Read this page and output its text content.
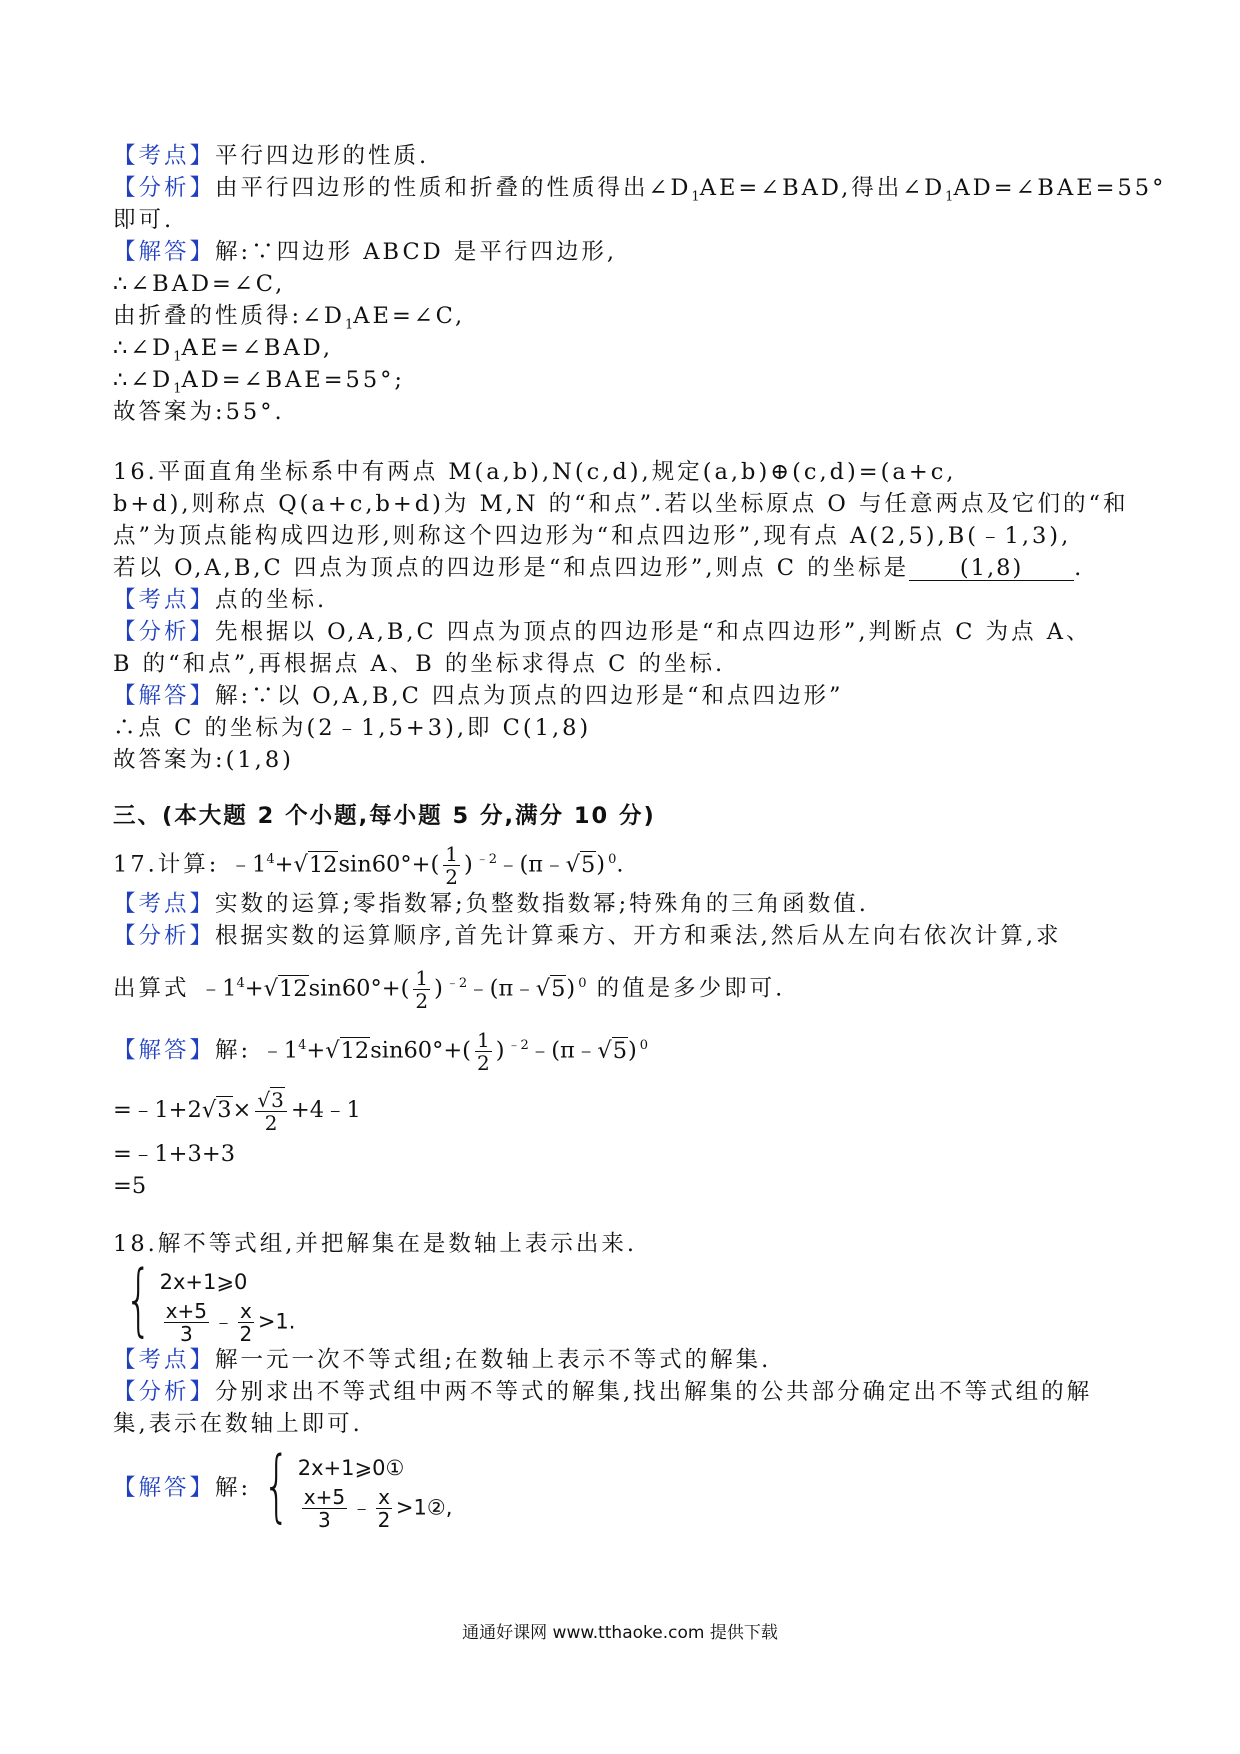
【考点】平行四边形的性质.
【分析】由平行四边形的性质和折叠的性质得出$\angle D_1AE=\angle BAD$,得出$\angle D_1AD=\angle BAE=55^\circ$
即可.
【解答】解:∵四边形 ABCD 是平行四边形,
∴∠BAD=∠C,
由折叠的性质得$:\angle D_1AE=\angle C$,
$\therefore\angle D_1AE=\angle BAD$,
$\therefore\angle D_1AD=\angle BAE=55^\circ$;
故答案为:55°.
16.平面直角坐标系中有两点 M(a,b),N(c,d),规定(a,b)⊕(c,d)=(a+c,
b+d),则称点 Q(a+c,b+d)为 M,N 的“和点”.若以坐标原点 O 与任意两点及它们的“和
点”为顶点能构成四边形,则称这个四边形为“和点四边形”,现有点 A(2,5),B(﹣1,3),
若以 O,A,B,C 四点为顶点的四边形是“和点四边形”,则点 C 的坐标是 (1,8) .
【考点】点的坐标.
【分析】先根据以 O,A,B,C 四点为顶点的四边形是“和点四边形”,判断点 C 为点 A、
B 的“和点”,再根据点 A、B 的坐标求得点 C 的坐标.
【解答】解:∵以 O,A,B,C 四点为顶点的四边形是“和点四边形”
∴点 C 的坐标为(2﹣1,5+3),即 C(1,8)
故答案为:(1,8)
三、(本大题 2 个小题,每小题 5 分,满分 10 分)
17.计算: $﹣1^4+√12\sin 60^\circ+( \frac{1}{2}$ )$^{﹣2}$﹣(π﹣√5)$^0$.
【考点】实数的运算;零指数幂;负整数指数幂;特殊角的三角函数值.
【分析】根据实数的运算顺序,首先计算乘方、开方和乘法,然后从左向右依次计算,求
出算式 $﹣1^4+√12\sin 60^\circ+( \frac{1}{2}$ )$^{﹣2}$﹣(π﹣√5)$^0$ 的值是多少即可.
【解答】解: $﹣1^4+√12\sin 60^\circ+( \frac{1}{2}$ )$^{﹣2}$﹣(π﹣√5)$^0$
=﹣1+2√3× $\frac{√3}{2}$ +4﹣1
=﹣1+3+3
=5
18.解不等式组,并把解集在是数轴上表示出来.
{ 2x+1⩾0
$\frac{x+5}{3}$ ﹣ $\frac{x}{2} >1$.
【考点】解一元一次不等式组;在数轴上表示不等式的解集.
【分析】分别求出不等式组中两不等式的解集,找出解集的公共部分确定出不等式组的解
集,表示在数轴上即可.
【解答】 解: { 2x+1⩾0①
$\frac{x+5}{3}$ ﹣ $\frac{x}{2}$ >1②,
通通好课网 www.tthaoke.com 提供下载
